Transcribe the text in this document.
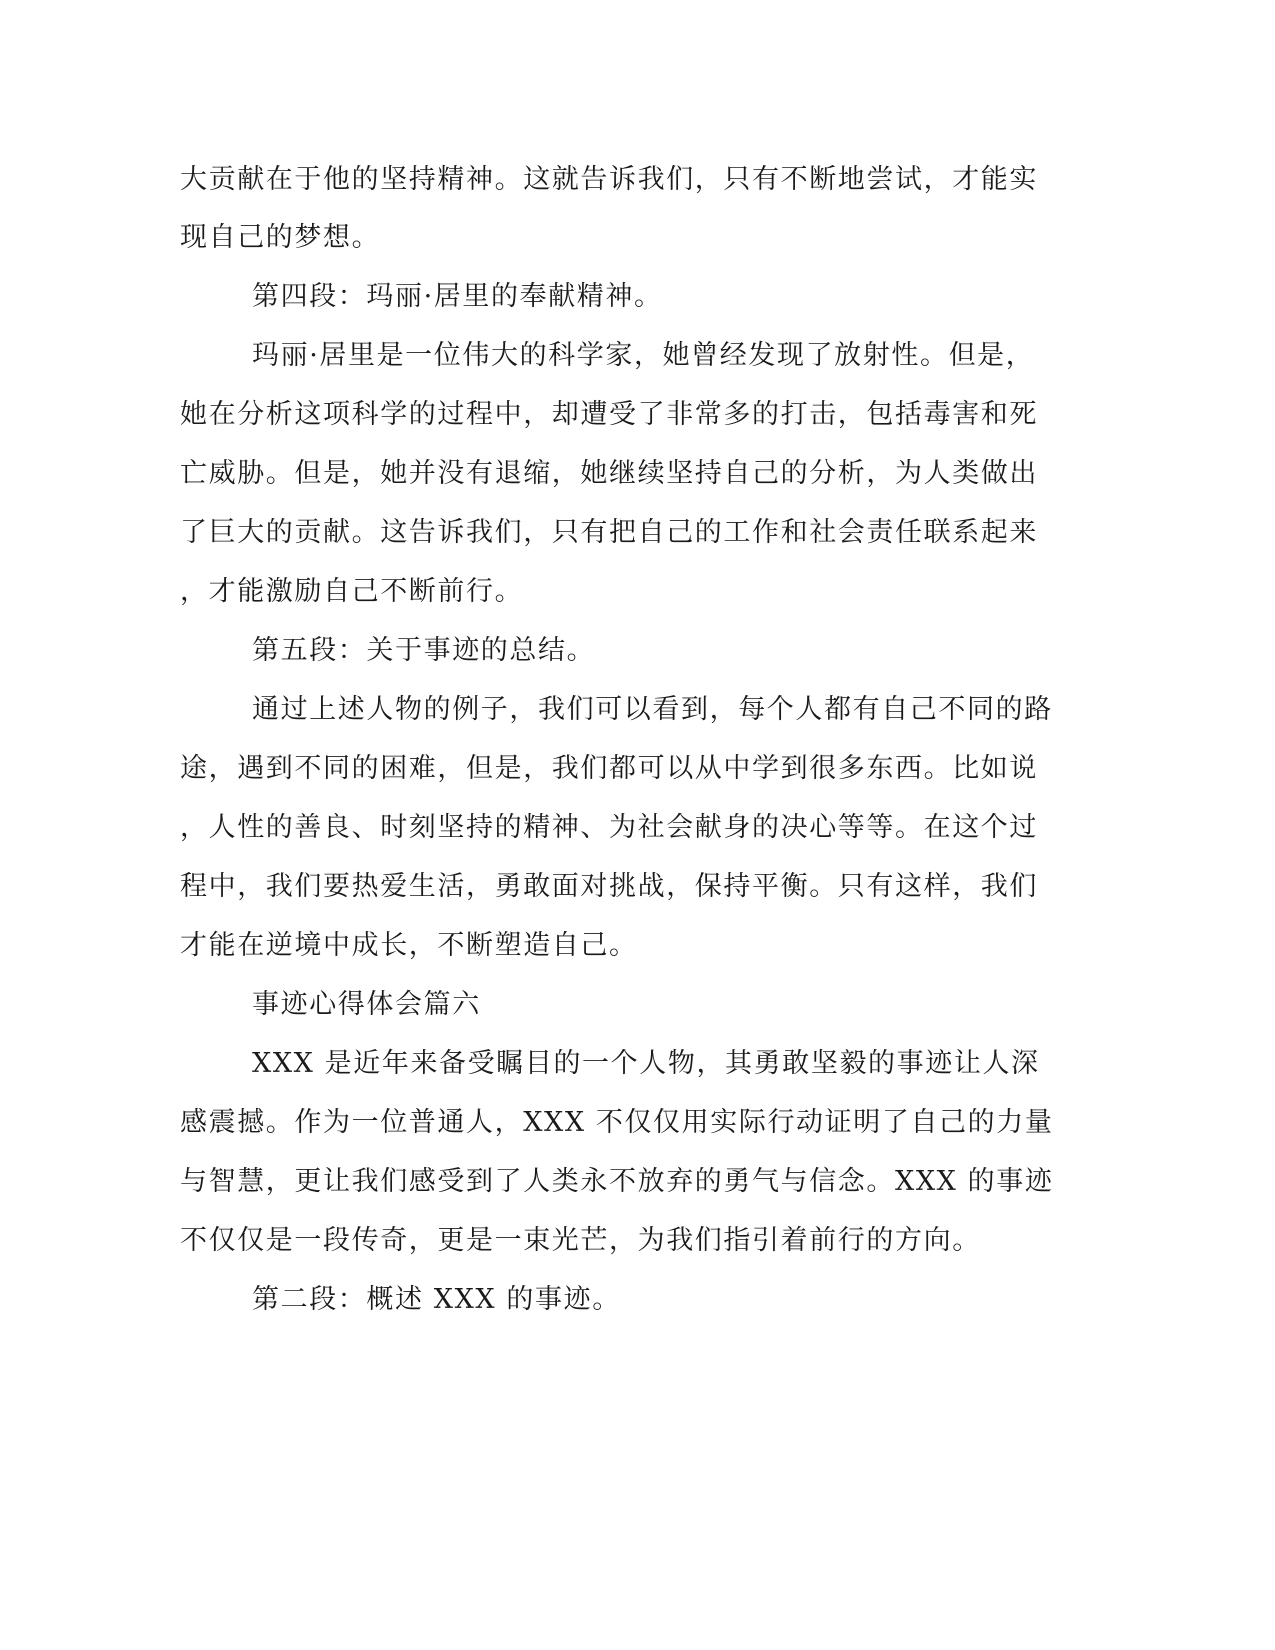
大贡献在于他的坚持精神。这就告诉我们，只有不断地尝试，才能实
现自己的梦想。
第四段：玛丽·居里的奉献精神。
玛丽·居里是一位伟大的科学家，她曾经发现了放射性。但是，
她在分析这项科学的过程中，却遭受了非常多的打击，包括毒害和死
亡威胁。但是，她并没有退缩，她继续坚持自己的分析，为人类做出
了巨大的贡献。这告诉我们，只有把自己的工作和社会责任联系起来
，才能激励自己不断前行。
第五段：关于事迹的总结。
通过上述人物的例子，我们可以看到，每个人都有自己不同的路
途，遇到不同的困难，但是，我们都可以从中学到很多东西。比如说
，人性的善良、时刻坚持的精神、为社会献身的决心等等。在这个过
程中，我们要热爱生活，勇敢面对挑战，保持平衡。只有这样，我们
才能在逆境中成长，不断塑造自己。
事迹心得体会篇六
XXX 是近年来备受瞩目的一个人物，其勇敢坚毅的事迹让人深
感震撼。作为一位普通人，XXX 不仅仅用实际行动证明了自己的力量
与智慧，更让我们感受到了人类永不放弃的勇气与信念。XXX 的事迹
不仅仅是一段传奇，更是一束光芒，为我们指引着前行的方向。
第二段：概述 XXX 的事迹。
